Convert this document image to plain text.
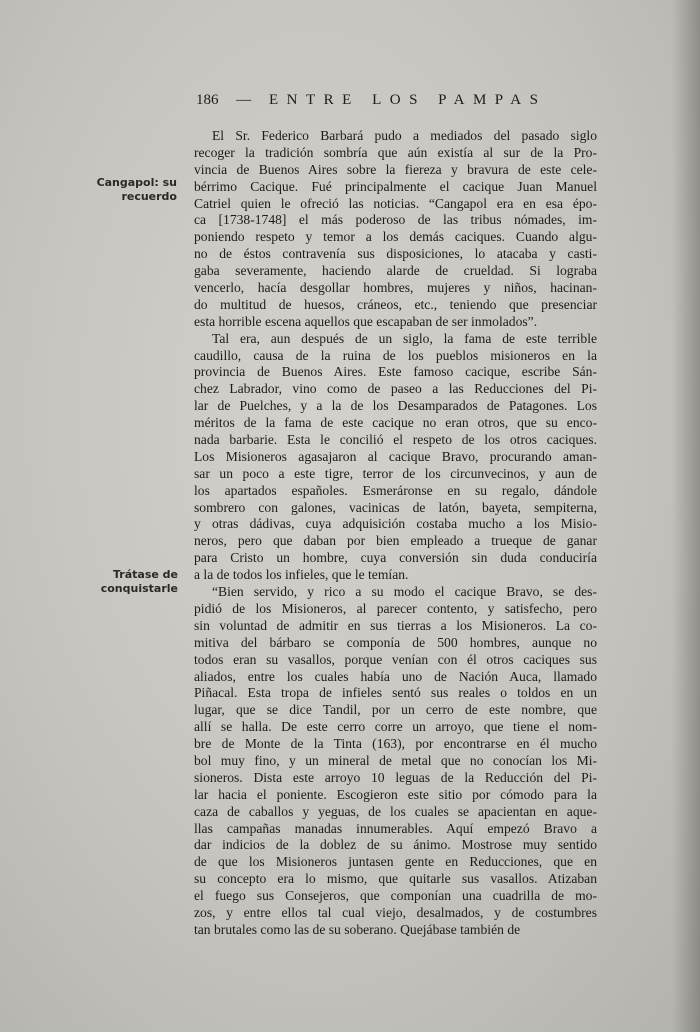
186 — ENTRE LOS PAMPAS
Cangapol: su
recuerdo
Trátase de
conquistarle
El Sr. Federico Barbará pudo a mediados del pasado siglo
recoger la tradición sombría que aún existía al sur de la Pro-
vincia de Buenos Aires sobre la fiereza y bravura de este cele-
bérrimo Cacique. Fué principalmente el cacique Juan Manuel
Catriel quien le ofreció las noticias. “Cangapol era en esa épo-
ca [1738-1748] el más poderoso de las tribus nómades, im-
poniendo respeto y temor a los demás caciques. Cuando algu-
no de éstos contravenía sus disposiciones, lo atacaba y casti-
gaba severamente, haciendo alarde de crueldad. Si lograba
vencerlo, hacía desgollar hombres, mujeres y niños, hacinan-
do multitud de huesos, cráneos, etc., teniendo que presenciar
esta horrible escena aquellos que escapaban de ser inmolados”.
Tal era, aun después de un siglo, la fama de este terrible
caudillo, causa de la ruina de los pueblos misioneros en la
provincia de Buenos Aires. Este famoso cacique, escribe Sán-
chez Labrador, vino como de paseo a las Reducciones del Pi-
lar de Puelches, y a la de los Desamparados de Patagones. Los
méritos de la fama de este cacique no eran otros, que su enco-
nada barbarie. Esta le concilió el respeto de los otros caciques.
Los Misioneros agasajaron al cacique Bravo, procurando aman-
sar un poco a este tigre, terror de los circunvecinos, y aun de
los apartados españoles. Esmeráronse en su regalo, dándole
sombrero con galones, vacinicas de latón, bayeta, sempiterna,
y otras dádivas, cuya adquisición costaba mucho a los Misio-
neros, pero que daban por bien empleado a trueque de ganar
para Cristo un hombre, cuya conversión sin duda conduciría
a la de todos los infieles, que le temían.
“Bien servido, y rico a su modo el cacique Bravo, se des-
pidió de los Misioneros, al parecer contento, y satisfecho, pero
sin voluntad de admitir en sus tierras a los Misioneros. La co-
mitiva del bárbaro se componía de 500 hombres, aunque no
todos eran su vasallos, porque venían con él otros caciques sus
aliados, entre los cuales había uno de Nación Auca, llamado
Piñacal. Esta tropa de infieles sentó sus reales o toldos en un
lugar, que se dice Tandil, por un cerro de este nombre, que
allí se halla. De este cerro corre un arroyo, que tiene el nom-
bre de Monte de la Tinta (163), por encontrarse en él mucho
bol muy fino, y un mineral de metal que no conocían los Mi-
sioneros. Dista este arroyo 10 leguas de la Reducción del Pi-
lar hacia el poniente. Escogieron este sitio por cómodo para la
caza de caballos y yeguas, de los cuales se apacientan en aque-
llas campañas manadas innumerables. Aquí empezó Bravo a
dar indicios de la doblez de su ánimo. Mostrose muy sentido
de que los Misioneros juntasen gente en Reducciones, que en
su concepto era lo mismo, que quitarle sus vasallos. Atizaban
el fuego sus Consejeros, que componían una cuadrilla de mo-
zos, y entre ellos tal cual viejo, desalmados, y de costumbres
tan brutales como las de su soberano. Quejábase también de
